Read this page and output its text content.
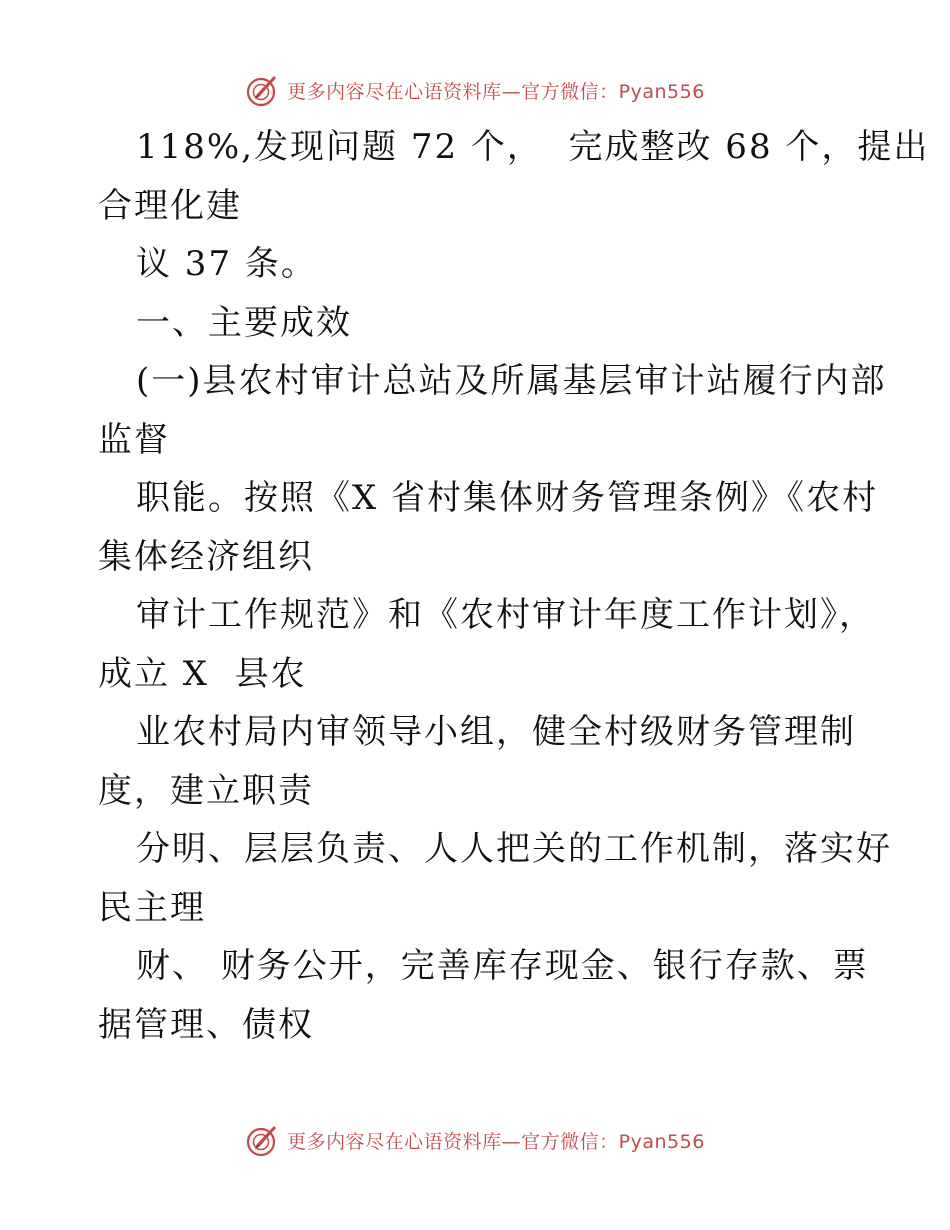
更多内容尽在心语资料库—官方微信：Pyan556
118%,发现问题 72 个，  完成整改 68 个，提出
合理化建
议 37 条。
一、主要成效
(一)县农村审计总站及所属基层审计站履行内部
监督
职能。按照《X 省村集体财务管理条例》《农村
集体经济组织
审计工作规范》和《农村审计年度工作计划》，
成立 X  县农
业农村局内审领导小组，健全村级财务管理制
度，建立职责
分明、层层负责、人人把关的工作机制，落实好
民主理
财、 财务公开，完善库存现金、银行存款、票
据管理、债权
更多内容尽在心语资料库—官方微信：Pyan556
